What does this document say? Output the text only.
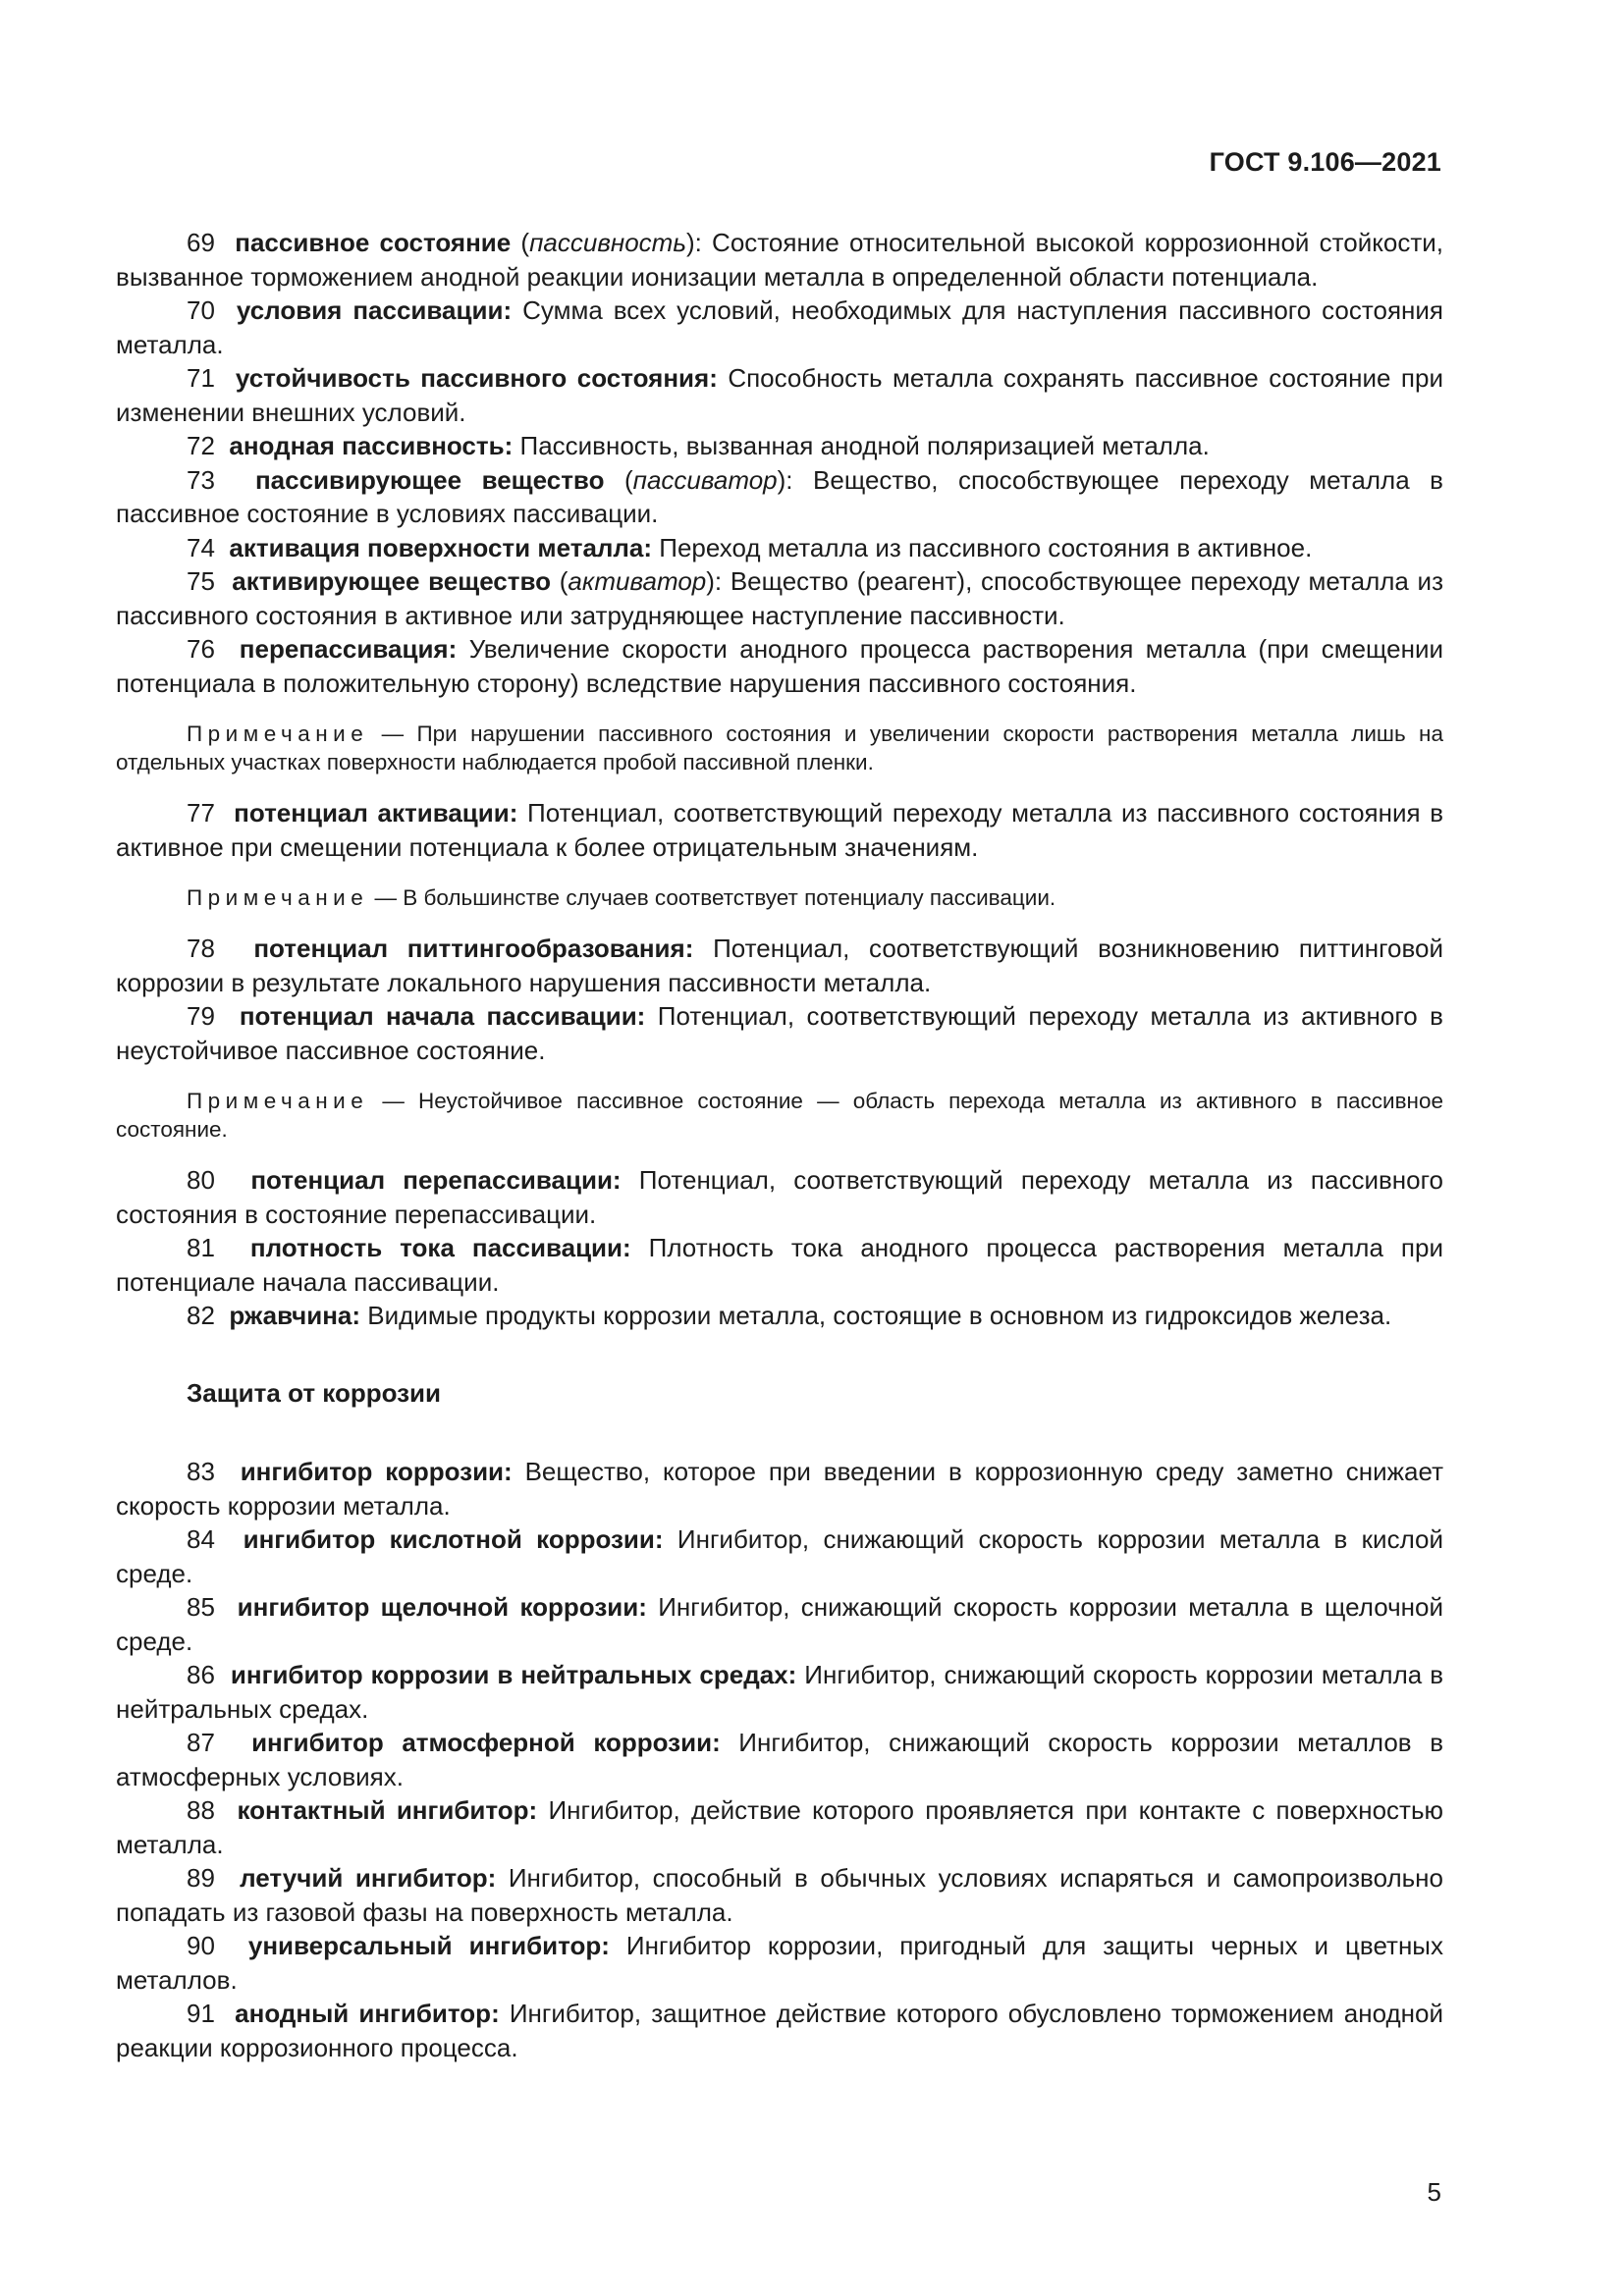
ГОСТ 9.106—2021

69 пассивное состояние (пассивность): Состояние относительной высокой коррозионной стойкости, вызванное торможением анодной реакции ионизации металла в определенной области потенциала.

70 условия пассивации: Сумма всех условий, необходимых для наступления пассивного состояния металла.

71 устойчивость пассивного состояния: Способность металла сохранять пассивное состояние при изменении внешних условий.

72 анодная пассивность: Пассивность, вызванная анодной поляризацией металла.

73 пассивирующее вещество (пассиватор): Вещество, способствующее переходу металла в пассивное состояние в условиях пассивации.

74 активация поверхности металла: Переход металла из пассивного состояния в активное.

75 активирующее вещество (активатор): Вещество (реагент), способствующее переходу металла из пассивного состояния в активное или затрудняющее наступление пассивности.

76 перепассивация: Увеличение скорости анодного процесса растворения металла (при смещении потенциала в положительную сторону) вследствие нарушения пассивного состояния.

Примечание — При нарушении пассивного состояния и увеличении скорости растворения металла лишь на отдельных участках поверхности наблюдается пробой пассивной пленки.

77 потенциал активации: Потенциал, соответствующий переходу металла из пассивного состояния в активное при смещении потенциала к более отрицательным значениям.

Примечание — В большинстве случаев соответствует потенциалу пассивации.

78 потенциал питтингообразования: Потенциал, соответствующий возникновению питтинговой коррозии в результате локального нарушения пассивности металла.

79 потенциал начала пассивации: Потенциал, соответствующий переходу металла из активного в неустойчивое пассивное состояние.

Примечание — Неустойчивое пассивное состояние — область перехода металла из активного в пассивное состояние.

80 потенциал перепассивации: Потенциал, соответствующий переходу металла из пассивного состояния в состояние перепассивации.

81 плотность тока пассивации: Плотность тока анодного процесса растворения металла при потенциале начала пассивации.

82 ржавчина: Видимые продукты коррозии металла, состоящие в основном из гидроксидов железа.

Защита от коррозии

83 ингибитор коррозии: Вещество, которое при введении в коррозионную среду заметно снижает скорость коррозии металла.

84 ингибитор кислотной коррозии: Ингибитор, снижающий скорость коррозии металла в кислой среде.

85 ингибитор щелочной коррозии: Ингибитор, снижающий скорость коррозии металла в щелочной среде.

86 ингибитор коррозии в нейтральных средах: Ингибитор, снижающий скорость коррозии металла в нейтральных средах.

87 ингибитор атмосферной коррозии: Ингибитор, снижающий скорость коррозии металлов в атмосферных условиях.

88 контактный ингибитор: Ингибитор, действие которого проявляется при контакте с поверхностью металла.

89 летучий ингибитор: Ингибитор, способный в обычных условиях испаряться и самопроизвольно попадать из газовой фазы на поверхность металла.

90 универсальный ингибитор: Ингибитор коррозии, пригодный для защиты черных и цветных металлов.

91 анодный ингибитор: Ингибитор, защитное действие которого обусловлено торможением анодной реакции коррозионного процесса.

5
